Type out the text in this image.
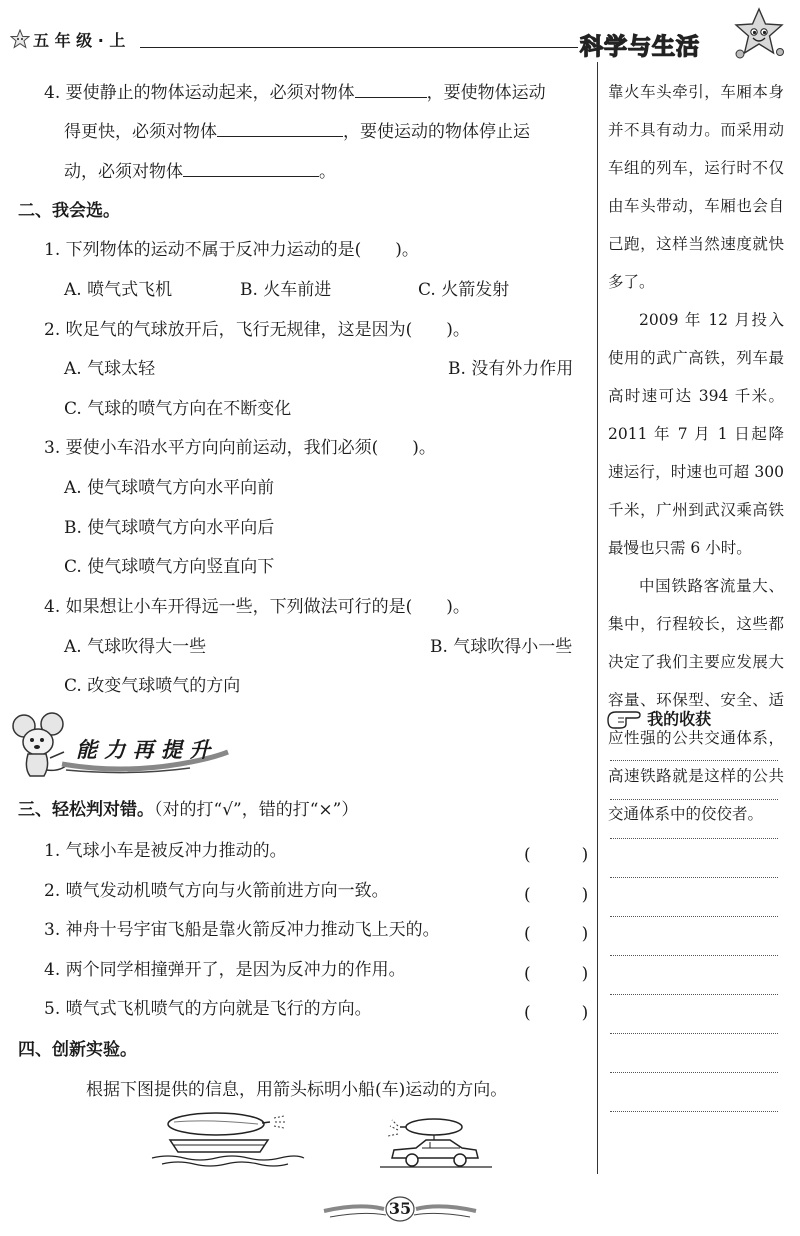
五 年 级 · 上	科学与生活
4. 要使静止的物体运动起来，必须对物体	，要使物体运动
得更快，必须对物体	，要使运动的物体停止运
动，必须对物体	。
二、我会选。
1. 下列物体的运动不属于反冲力运动的是(　　)。
A. 喷气式飞机	B. 火车前进	C. 火箭发射
2. 吹足气的气球放开后，飞行无规律，这是因为(　　)。
A. 气球太轻	B. 没有外力作用
C. 气球的喷气方向在不断变化
3. 要使小车沿水平方向向前运动，我们必须(　　)。
A. 使气球喷气方向水平向前
B. 使气球喷气方向水平向后
C. 使气球喷气方向竖直向下
4. 如果想让小车开得远一些，下列做法可行的是(　　)。
A. 气球吹得大一些	B. 气球吹得小一些
C. 改变气球喷气的方向
能 力 再 提 升
三、轻松判对错。（对的打“√”，错的打“×”）
1. 气球小车是被反冲力推动的。	(　　　)
2. 喷气发动机喷气方向与火箭前进方向一致。	(　　　)
3. 神舟十号宇宙飞船是靠火箭反冲力推动飞上天的。	(　　　)
4. 两个同学相撞弹开了，是因为反冲力的作用。	(　　　)
5. 喷气式飞机喷气的方向就是飞行的方向。	(　　　)
四、创新实验。
根据下图提供的信息，用箭头标明小船(车)运动的方向。

靠火车头牵引，车厢本身并不具有动力。而采用动车组的列车，运行时不仅由车头带动，车厢也会自己跑，这样当然速度就快多了。

2009 年 12 月投入使用的武广高铁，列车最高时速可达 394 千米。2011 年 7 月 1 日起降速运行，时速也可超 300 千米，广州到武汉乘高铁最慢也只需 6 小时。

中国铁路客流量大、集中，行程较长，这些都决定了我们主要应发展大容量、环保型、安全、适应性强的公共交通体系，高速铁路就是这样的公共交通体系中的佼佼者。

我的收获
35
